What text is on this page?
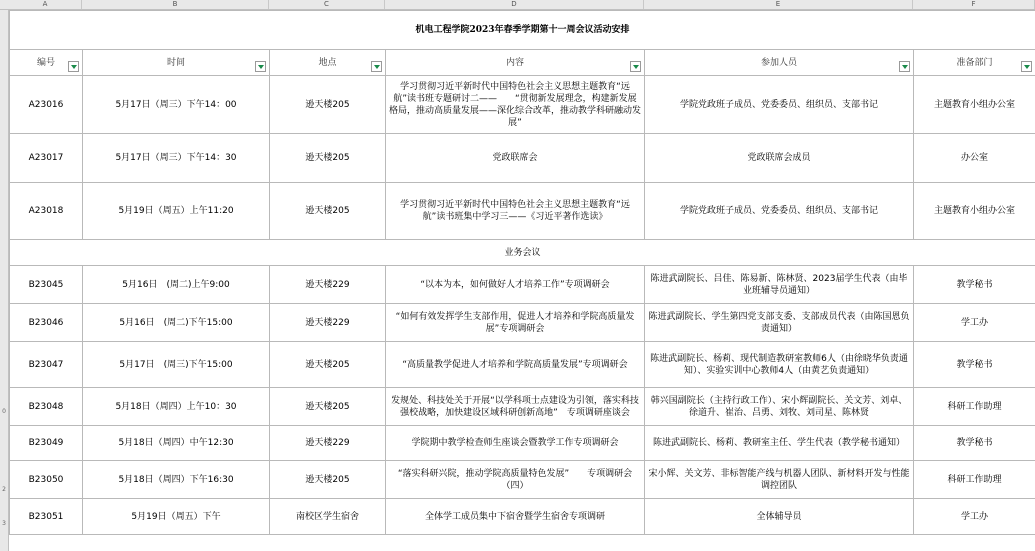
A	B	C	D	E	F
0
2
3
机电工程学院2023年春季学期第十一周会议活动安排					
编号	时间	地点	内容	参加人员	准备部门

A23016	5月17日（周三）下午14：00	逊天楼205	学习贯彻习近平新时代中国特色社会主义思想主题教育“远航”读书班专题研讨二——　　“贯彻新发展理念，构建新发展格局，推动高质量发展——深化综合改革，推动教学科研融动发展”	学院党政班子成员、党委委员、组织员、支部书记	主题教育小组办公室
A23017	5月17日（周三）下午14：30	逊天楼205	党政联席会	党政联席会成员	办公室
A23018	5月19日（周五）上午11:20	逊天楼205	学习贯彻习近平新时代中国特色社会主义思想主题教育“远航”读书班集中学习三——《习近平著作选读》	学院党政班子成员、党委委员、组织员、支部书记	主题教育小组办公室
业务会议					
B23045	5月16日　(周二)上午9:00	逊天楼229	“以本为本，如何做好人才培养工作”专项调研会	陈进武副院长、吕佳、陈易新、陈林贤、2023届学生代表（由毕业班辅导员通知）	教学秘书
B23046	5月16日　(周二)下午15:00	逊天楼229	“如何有效发挥学生支部作用，促进人才培养和学院高质量发展”专项调研会	陈进武副院长、学生第四党支部支委、支部成员代表（由陈国恩负责通知）	学工办
B23047	5月17日　(周三)下午15:00	逊天楼205	“高质量教学促进人才培养和学院高质量发展”专项调研会	陈进武副院长、杨莉、现代制造教研室教师6人（由徐晓华负责通知）、实验实训中心教师4人（由黄艺负责通知）	教学秘书
B23048	5月18日（周四）上午10：30	逊天楼205	发规处、科技处关于开展“以学科项士点建设为引领，落实科技强校战略，加快建设区域科研创新高地”　专项调研座谈会	韩兴国副院长（主持行政工作）、宋小辉副院长、关文芳、刘卓、徐道升、崔治、吕勇、刘牧、刘司星、陈林贤	科研工作助理
B23049	5月18日（周四）中午12:30	逊天楼229	学院期中教学检查师生座谈会暨教学工作专项调研会	陈进武副院长、杨莉、教研室主任、学生代表（教学秘书通知）	教学秘书
B23050	5月18日（周四）下午16:30	逊天楼205	“落实科研兴院，推动学院高质量特色发展”　　专项调研会（四）	宋小辉、关文芳、非标智能产线与机器人团队、新材料开发与性能调控团队	科研工作助理
B23051	5月19日（周五）下午	南校区学生宿舍	全体学工成员集中下宿舍暨学生宿舍专项调研	全体辅导员	学工办
